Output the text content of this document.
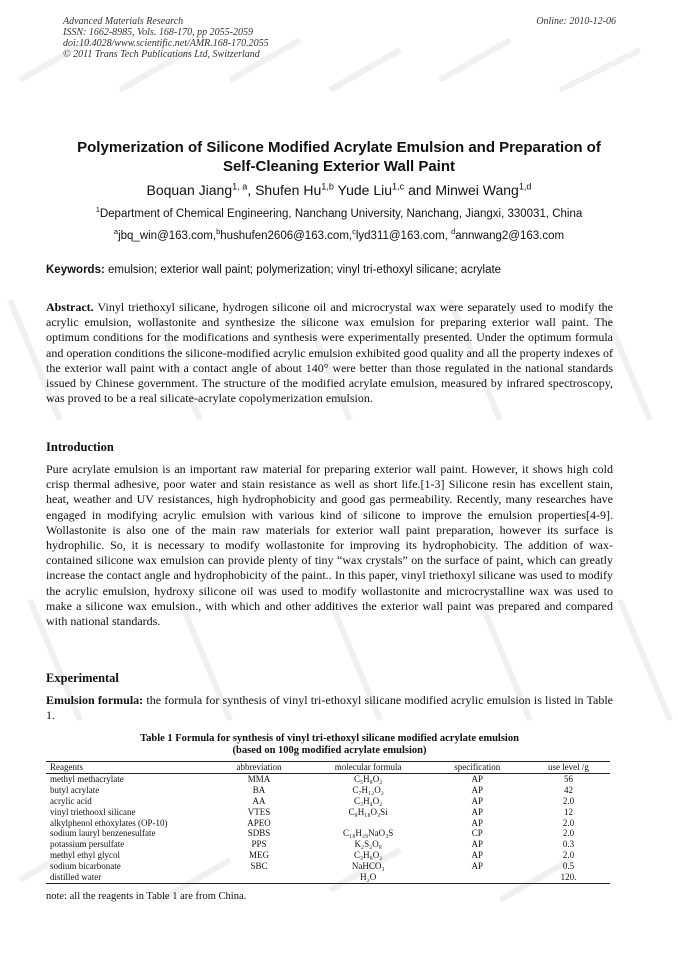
Advanced Materials Research
ISSN: 1662-8985, Vols. 168-170, pp 2055-2059
doi:10.4028/www.scientific.net/AMR.168-170.2055
© 2011 Trans Tech Publications Ltd, Switzerland
Online: 2010-12-06
Polymerization of Silicone Modified Acrylate Emulsion and Preparation of
Self-Cleaning Exterior Wall Paint
Boquan Jiang$^{1, a}$, Shufen Hu$^{1,b}$ Yude Liu$^{1,c}$ and Minwei Wang$^{1,d}$
$^1$Department of Chemical Engineering, Nanchang University, Nanchang, Jiangxi, 330031, China
$^a$jbq_win@163.com,$^b$hushufen2606@163.com,$^c$lyd311@163.com, $^d$annwang2@163.com
Keywords: emulsion; exterior wall paint; polymerization; vinyl tri-ethoxyl silicane; acrylate
Abstract. Vinyl triethoxyl silicane, hydrogen silicone oil and microcrystal wax were separately used to modify the acrylic emulsion, wollastonite and synthesize the silicone wax emulsion for preparing exterior wall paint. The optimum conditions for the modifications and synthesis were experimentally presented. Under the optimum formula and operation conditions the silicone-modified acrylic emulsion exhibited good quality and all the property indexes of the exterior wall paint with a contact angle of about 140° were better than those regulated in the national standards issued by Chinese government. The structure of the modified acrylate emulsion, measured by infrared spectroscopy, was proved to be a real silicate-acrylate copolymerization emulsion.
Introduction
Pure acrylate emulsion is an important raw material for preparing exterior wall paint. However, it shows high cold crisp thermal adhesive, poor water and stain resistance as well as short life.[1-3] Silicone resin has excellent stain, heat, weather and UV resistances, high hydrophobicity and good gas permeability. Recently, many researches have engaged in modifying acrylic emulsion with various kind of silicone to improve the emulsion properties[4-9]. Wollastonite is also one of the main raw materials for exterior wall paint preparation, however its surface is hydrophilic. So, it is necessary to modify wollastonite for improving its hydrophobicity. The addition of wax-contained silicone wax emulsion can provide plenty of tiny “wax crystals” on the surface of paint, which can greatly increase the contact angle and hydrophobicity of the paint.. In this paper, vinyl triethoxyl silicane was used to modify the acrylic emulsion, hydroxy silicone oil was used to modify wollastonite and microcrystalline wax was used to make a silicone wax emulsion., with which and other additives the exterior wall paint was prepared and compared with national standards.
Experimental
Emulsion formula: the formula for synthesis of vinyl tri-ethoxyl silicane modified acrylic emulsion is listed in Table 1.
Table 1 Formula for synthesis of vinyl tri-ethoxyl silicane modified acrylate emulsion
(based on 100g modified acrylate emulsion)
Reagents	abbreviation	molecular formula	specification	use level /g
methyl methacrylate	MMA	C₅H₈O₂	AP	56
butyl acrylate	BA	C₇H₁₂O₂	AP	42
acrylic acid	AA	C₃H₄O₂	AP	2.0
vinyl triethooxl silicane	VTES	C₈H₁₈O₃Si	AP	12
alkylphenol ethoxylates (OP-10)	APEO		AP	2.0
sodium lauryl benzenesulfate	SDBS	C₁₈H₂₉NaO₃S	CP	2.0
potassium persulfate	PPS	K₂S₂O₈	AP	0.3
methyl ethyl glycol	MEG	C₃H₈O₂	AP	2.0
sodium bicarbonate	SBC	NaHCO₃	AP	0.5
distilled water		H₂O		120.
note: all the reagents in Table 1 are from China.
